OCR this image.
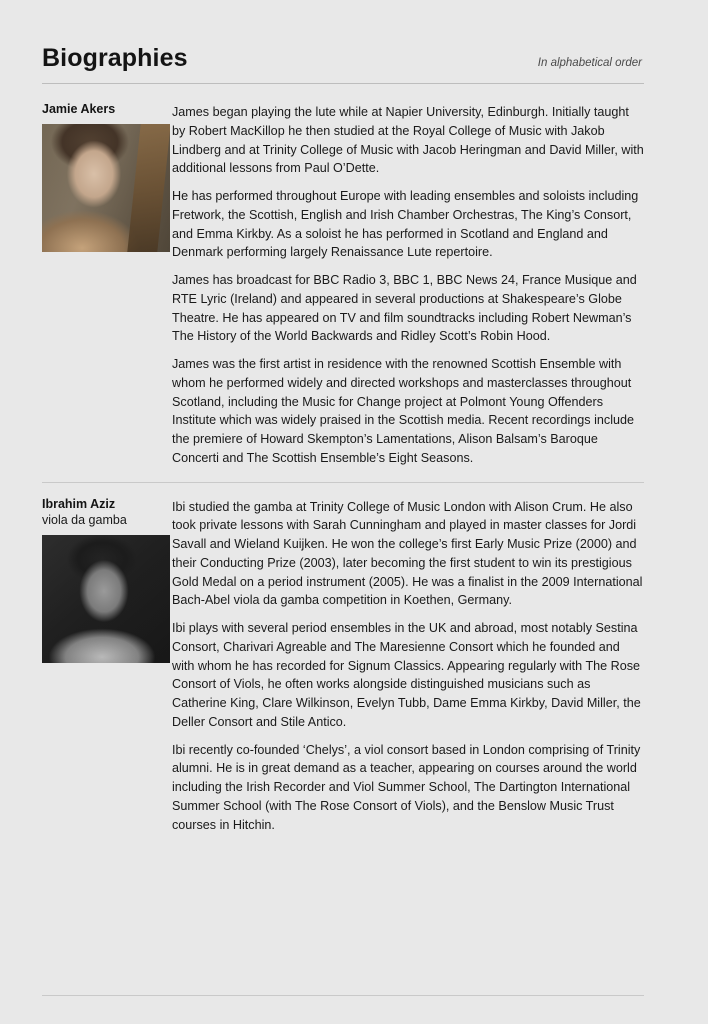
Biographies	In alphabetical order
Jamie Akers	James began playing the lute while at Napier University, Edinburgh. Initially taught by Robert MacKillop he then studied at the Royal College of Music with Jakob Lindberg and at Trinity College of Music with Jacob Heringman and David Miller, with additional lessons from Paul O’Dette.

He has performed throughout Europe with leading ensembles and soloists including Fretwork, the Scottish, English and Irish Chamber Orchestras, The King’s Consort, and Emma Kirkby. As a soloist he has performed in Scotland and England and Denmark performing largely Renaissance Lute repertoire.

James has broadcast for BBC Radio 3, BBC 1, BBC News 24, France Musique and RTE Lyric (Ireland) and appeared in several productions at Shakespeare’s Globe Theatre. He has appeared on TV and film soundtracks including Robert Newman’s The History of the World Backwards and Ridley Scott’s Robin Hood.

James was the first artist in residence with the renowned Scottish Ensemble with whom he performed widely and directed workshops and masterclasses throughout Scotland, including the Music for Change project at Polmont Young Offenders Institute which was widely praised in the Scottish media. Recent recordings include the premiere of Howard Skempton’s Lamentations, Alison Balsam’s Baroque Concerti and The Scottish Ensemble’s Eight Seasons.

Ibrahim Aziz
viola da gamba

Ibi studied the gamba at Trinity College of Music London with Alison Crum. He also took private lessons with Sarah Cunningham and played in master classes for Jordi Savall and Wieland Kuijken. He won the college’s first Early Music Prize (2000) and their Conducting Prize (2003), later becoming the first student to win its prestigious Gold Medal on a period instrument (2005). He was a finalist in the 2009 International Bach-Abel viola da gamba competition in Koethen, Germany.

Ibi plays with several period ensembles in the UK and abroad, most notably Sestina Consort, Charivari Agreable and The Maresienne Consort which he founded and with whom he has recorded for Signum Classics. Appearing regularly with The Rose Consort of Viols, he often works alongside distinguished musicians such as Catherine King, Clare Wilkinson, Evelyn Tubb, Dame Emma Kirkby, David Miller, the Deller Consort and Stile Antico.

Ibi recently co-founded ‘Chelys’, a viol consort based in London comprising of Trinity alumni. He is in great demand as a teacher, appearing on courses around the world including the Irish Recorder and Viol Summer School, The Dartington International Summer School (with The Rose Consort of Viols), and the Benslow Music Trust courses in Hitchin.
